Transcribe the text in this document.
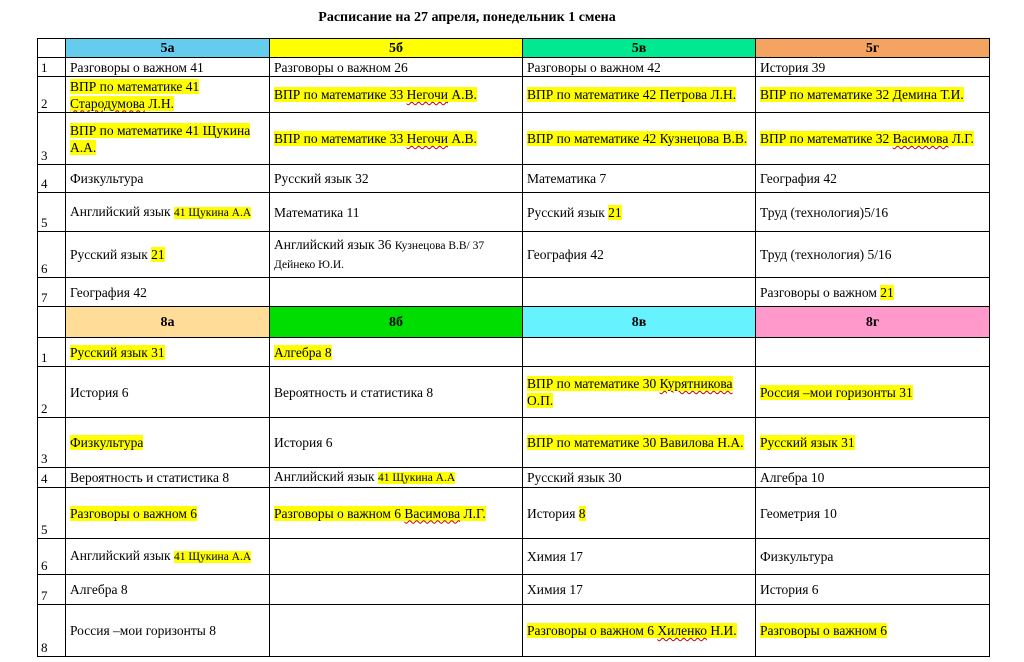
Расписание на 27 апреля, понедельник 1 смена
	5а	5б	5в	5г
1	Разговоры о важном 41	Разговоры о важном 26	Разговоры о важном 42	История 39

2	ВПР по математике 41 Стародумова Л.Н.	ВПР по математике 33 Негочи А.В.	ВПР по математике 42 Петрова Л.Н.	ВПР по математике 32 Демина Т.И.

3	ВПР по математике 41 Щукина А.А.	ВПР по математике 33 Негочи А.В.	ВПР по математике 42 Кузнецова В.В.	ВПР по математике 32 Васимова Л.Г.

4	Физкультура	Русский язык 32	Математика 7	География 42

5	Английский язык 41 Щукина А.А	Математика 11	Русский язык 21	Труд (технология)5/16

6	Русский язык 21	Английский язык 36 Кузнецова В.В/ 37 Дейнеко Ю.И.	География 42	Труд (технология) 5/16

7	География 42			Разговоры о важном 21

	8а	8б	8в	8г
1	Русский язык 31	Алгебра 8		

2	История 6	Вероятность и статистика 8	ВПР по математике 30 Курятникова О.П.	Россия –мои горизонты 31

3	Физкультура	История 6	ВПР по математике 30 Вавилова Н.А.	Русский язык 31

4	Вероятность и статистика 8	Английский язык 41 Щукина А.А	Русский язык 30	Алгебра 10

5	Разговоры о важном 6	Разговоры о важном 6 Васимова Л.Г.	История 8	Геометрия 10

6	Английский язык 41 Щукина А.А		Химия 17	Физкультура

7	Алгебра 8		Химия 17	История 6

8	Россия –мои горизонты 8		Разговоры о важном 6 Хиленко Н.И.	Разговоры о важном 6
